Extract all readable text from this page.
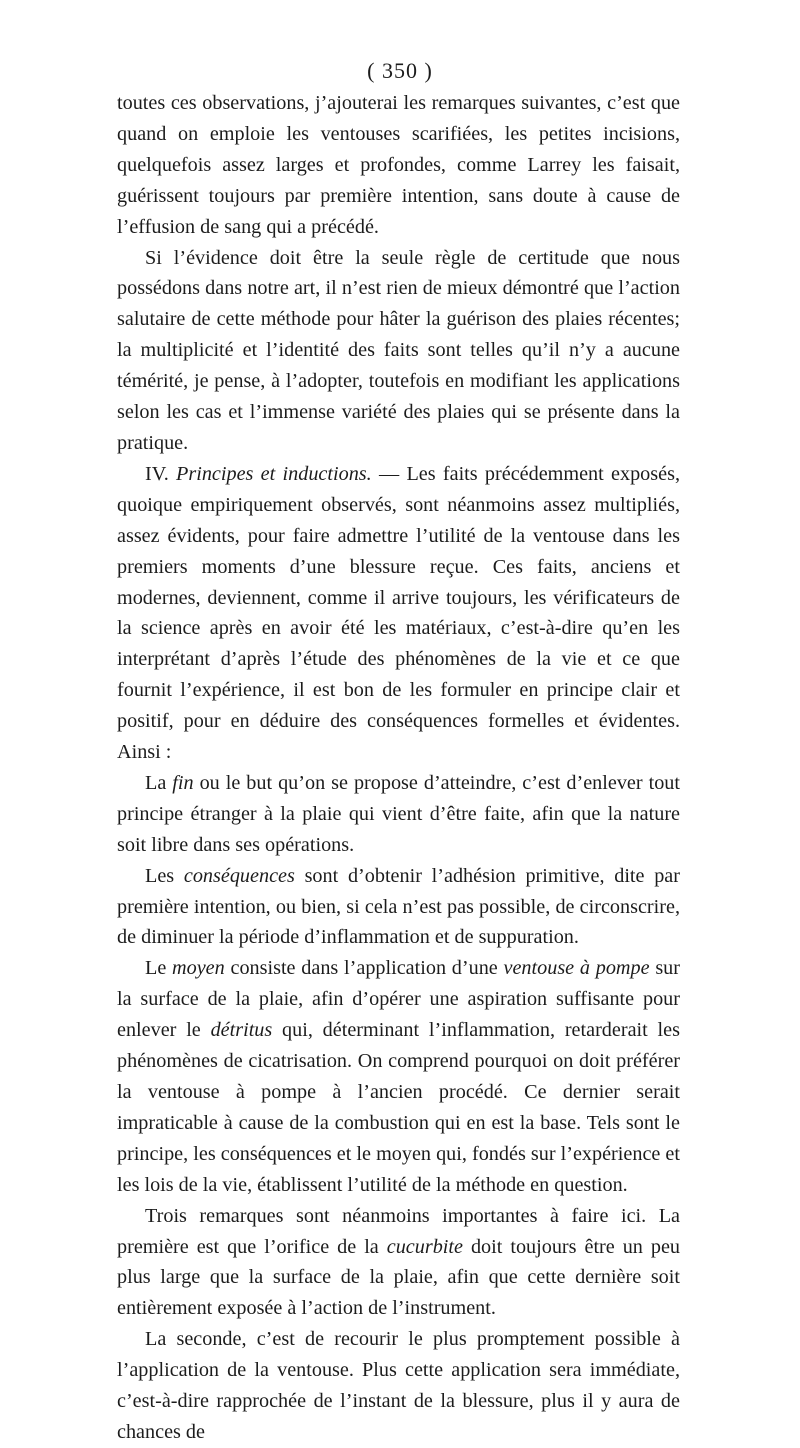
( 350 )

toutes ces observations, j’ajouterai les remarques suivantes, c’est que quand on emploie les ventouses scarifiées, les petites incisions, quelquefois assez larges et profondes, comme Larrey les faisait, guérissent toujours par première intention, sans doute à cause de l’effusion de sang qui a précédé.

Si l’évidence doit être la seule règle de certitude que nous possédons dans notre art, il n’est rien de mieux démontré que l’action salutaire de cette méthode pour hâter la guérison des plaies récentes; la multiplicité et l’identité des faits sont telles qu’il n’y a aucune témérité, je pense, à l’adopter, toutefois en modifiant les applications selon les cas et l’immense variété des plaies qui se présente dans la pratique.

IV. Principes et inductions. — Les faits précédemment exposés, quoique empiriquement observés, sont néanmoins assez multipliés, assez évidents, pour faire admettre l’utilité de la ventouse dans les premiers moments d’une blessure reçue. Ces faits, anciens et modernes, deviennent, comme il arrive toujours, les vérificateurs de la science après en avoir été les matériaux, c’est-à-dire qu’en les interprétant d’après l’étude des phénomènes de la vie et ce que fournit l’expérience, il est bon de les formuler en principe clair et positif, pour en déduire des conséquences formelles et évidentes. Ainsi :

La fin ou le but qu’on se propose d’atteindre, c’est d’enlever tout principe étranger à la plaie qui vient d’être faite, afin que la nature soit libre dans ses opérations.

Les conséquences sont d’obtenir l’adhésion primitive, dite par première intention, ou bien, si cela n’est pas possible, de circonscrire, de diminuer la période d’inflammation et de suppuration.

Le moyen consiste dans l’application d’une ventouse à pompe sur la surface de la plaie, afin d’opérer une aspiration suffisante pour enlever le détritus qui, déterminant l’inflammation, retarderait les phénomènes de cicatrisation. On comprend pourquoi on doit préférer la ventouse à pompe à l’ancien procédé. Ce dernier serait impraticable à cause de la combustion qui en est la base. Tels sont le principe, les conséquences et le moyen qui, fondés sur l’expérience et les lois de la vie, établissent l’utilité de la méthode en question.

Trois remarques sont néanmoins importantes à faire ici. La première est que l’orifice de la cucurbite doit toujours être un peu plus large que la surface de la plaie, afin que cette dernière soit entièrement exposée à l’action de l’instrument.

La seconde, c’est de recourir le plus promptement possible à l’application de la ventouse. Plus cette application sera immédiate, c’est-à-dire rapprochée de l’instant de la blessure, plus il y aura de chances de
